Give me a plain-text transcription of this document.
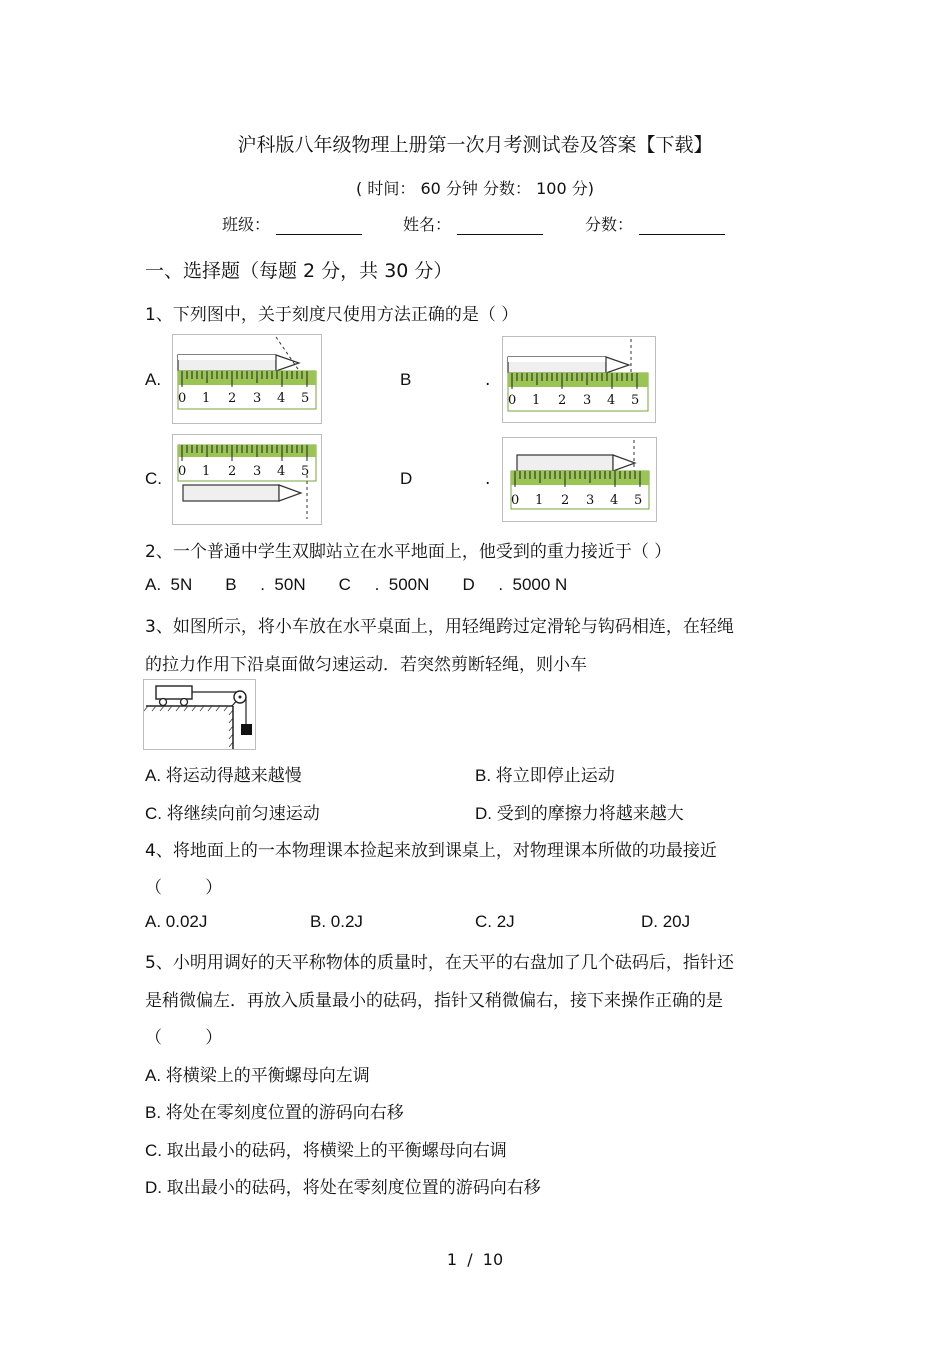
沪科版八年级物理上册第一次月考测试卷及答案【下载】
( 时间： 60 分钟 分数： 100 分)
班级：	姓名：	分数：
一、选择题（每题 2 分，共 30 分）
1、下列图中，关于刻度尺使用方法正确的是（ ）
A.
0 1 2 3 4 5
B	.
0 1 2 3 4 5
C. 0 1 2 3 4 5	D	.
0 1 2 3 4 5
2、一个普通中学生双脚站立在水平地面上，他受到的重力接近于（ ）
A.  5N       B     .  50N       C     .  500N       D     .  5000 N
3、如图所示，将小车放在水平桌面上，用轻绳跨过定滑轮与钩码相连，在轻绳
的拉力作用下沿桌面做匀速运动．若突然剪断轻绳，则小车
A. 将运动得越来越慢	B. 将立即停止运动
C. 将继续向前匀速运动	D. 受到的摩擦力将越来越大
4、将地面上的一本物理课本捡起来放到课桌上，对物理课本所做的功最接近
（        ）
A. 0.02J	B. 0.2J	C. 2J	D. 20J
5、小明用调好的天平称物体的质量时，在天平的右盘加了几个砝码后，指针还
是稍微偏左．再放入质量最小的砝码，指针又稍微偏右，接下来操作正确的是
（        ）
A. 将横梁上的平衡螺母向左调
B. 将处在零刻度位置的游码向右移
C. 取出最小的砝码，将横梁上的平衡螺母向右调
D. 取出最小的砝码，将处在零刻度位置的游码向右移
1  /  10
